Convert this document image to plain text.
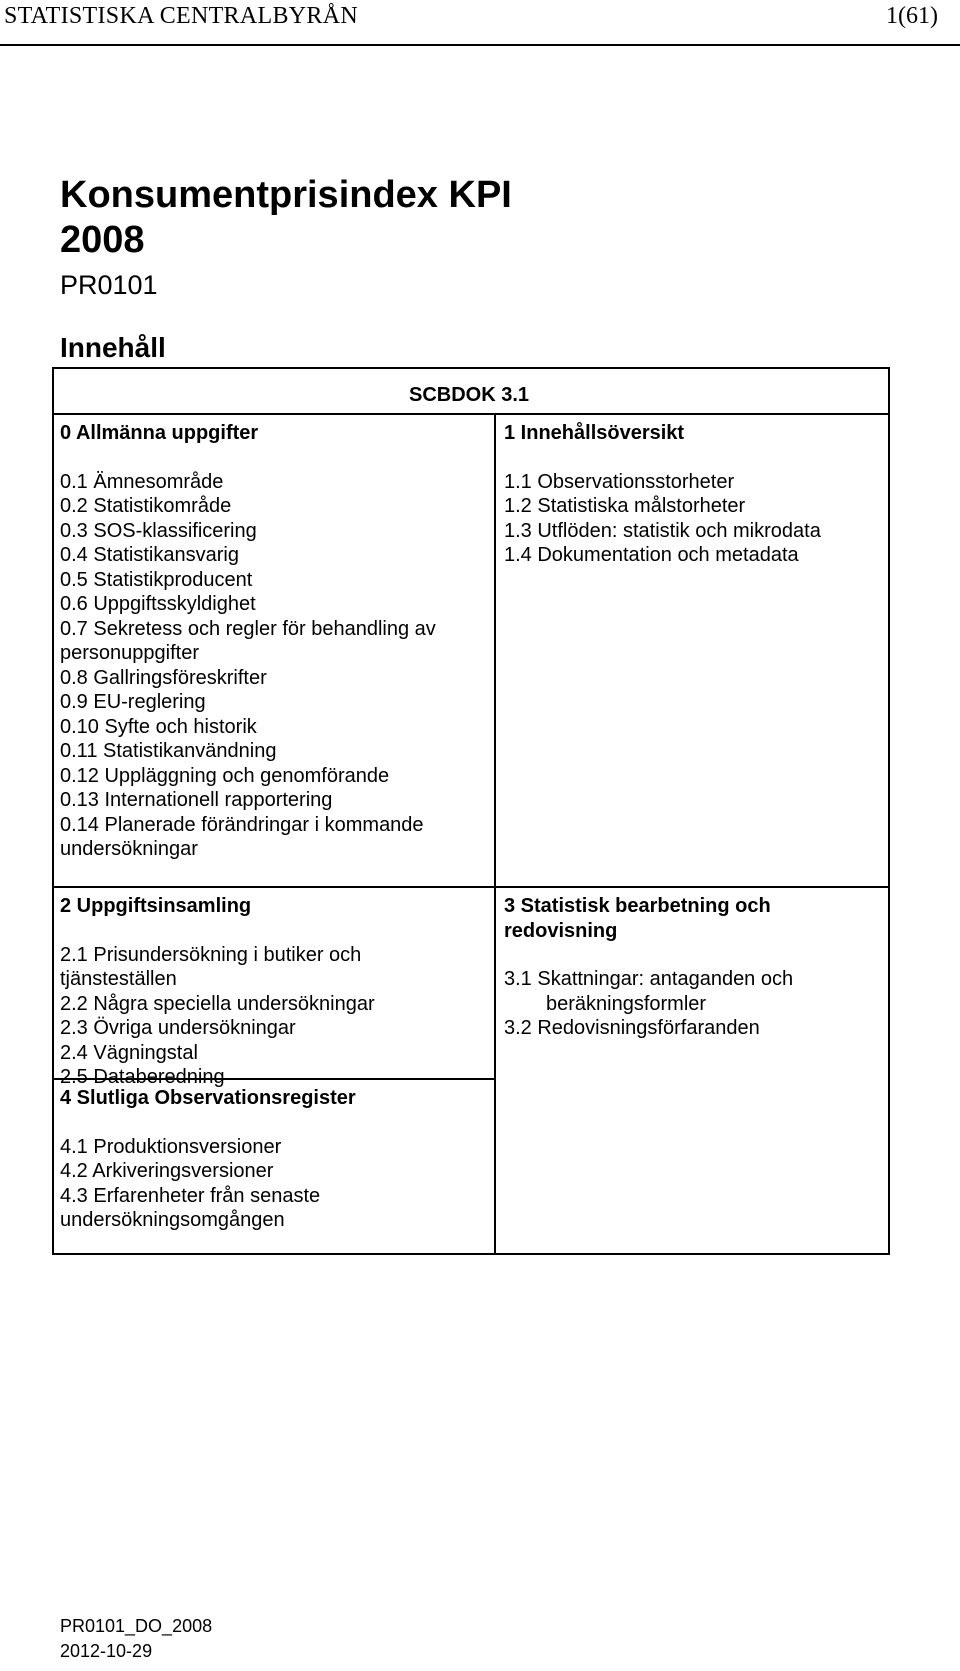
STATISTISKA CENTRALBYRÅN	1(61)
Konsumentprisindex KPI 2008
PR0101
Innehåll
SCBDOK 3.1
0 Allmänna uppgifter
0.1 Ämnesområde
0.2 Statistikområde
0.3 SOS-klassificering
0.4 Statistikansvarig
0.5 Statistikproducent
0.6 Uppgiftsskyldighet
0.7 Sekretess och regler för behandling av personuppgifter
0.8 Gallringsföreskrifter
0.9 EU-reglering
0.10 Syfte och historik
0.11 Statistikanvändning
0.12 Uppläggning och genomförande
0.13 Internationell rapportering
0.14 Planerade förändringar i kommande undersökningar
1 Innehållsöversikt
1.1 Observationsstorheter
1.2 Statistiska målstorheter
1.3 Utflöden: statistik och mikrodata
1.4 Dokumentation och metadata
2 Uppgiftsinsamling
2.1 Prisundersökning i butiker och tjänsteställen
2.2 Några speciella undersökningar
2.3 Övriga undersökningar
2.4 Vägningstal
2.5 Databeredning
3 Statistisk bearbetning och redovisning
3.1 Skattningar: antaganden och beräkningsformler
3.2 Redovisningsförfaranden
4 Slutliga Observationsregister
4.1 Produktionsversioner
4.2 Arkiveringsversioner
4.3 Erfarenheter från senaste undersökningsomgången
PR0101_DO_2008
2012-10-29
